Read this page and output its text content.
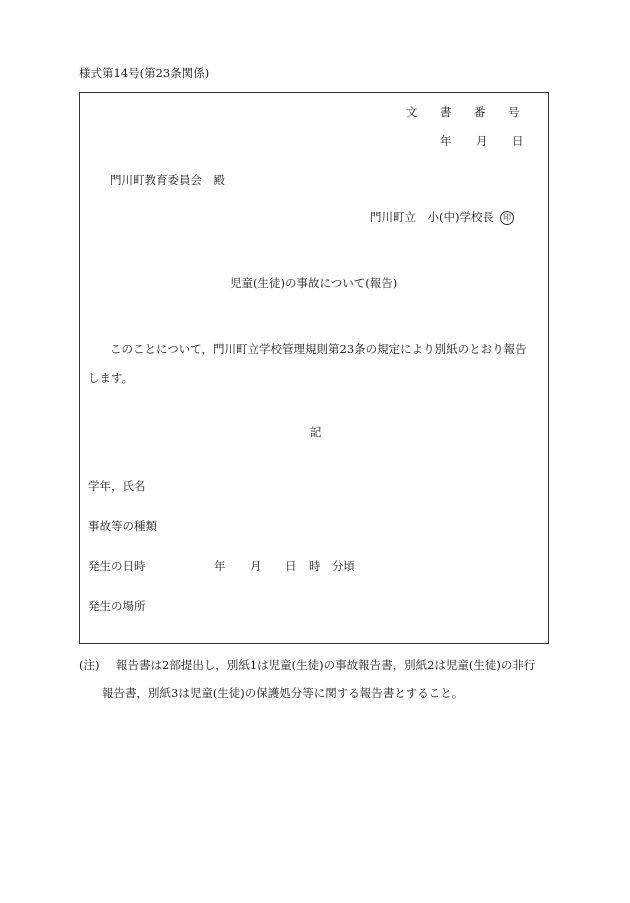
様式第14号(第23条関係)
文	書	番	号
年	月	日
門川町教育委員会　殿
門川町立　小(中)学校長 印
児童(生徒)の事故について(報告)
このことについて，門川町立学校管理規則第23条の規定により別紙のとおり報告
します。
記
学年，氏名
事故等の種類
発生の日時	年 月 日 時 分頃
発生の場所
(注) 報告書は2部提出し，別紙1は児童(生徒)の事故報告書，別紙2は児童(生徒)の非行
報告書，別紙3は児童(生徒)の保護処分等に関する報告書とすること。
